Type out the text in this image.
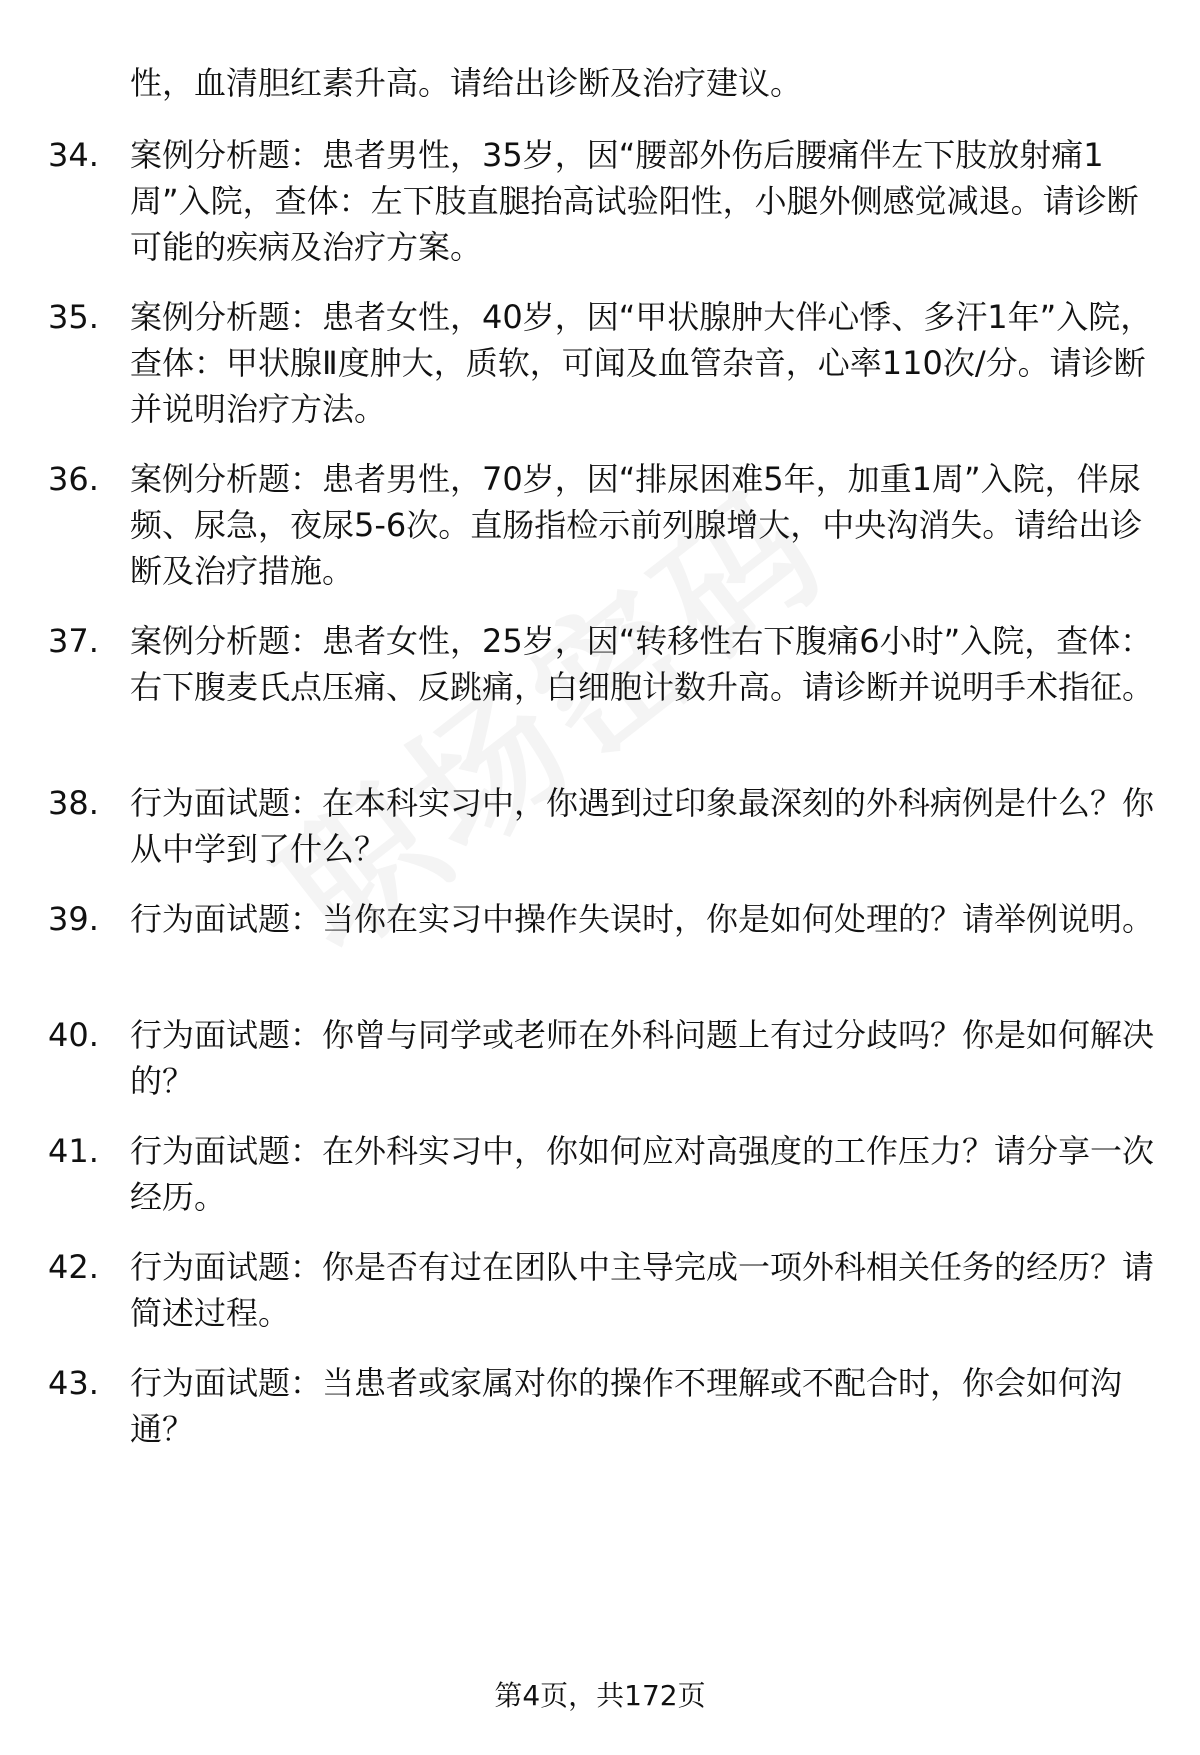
性，血清胆红素升高。请给出诊断及治疗建议。
34. 案例分析题：患者男性，35岁，因“腰部外伤后腰痛伴左下肢放射痛1周”入院，查体：左下肢直腿抬高试验阳性，小腿外侧感觉减退。请诊断可能的疾病及治疗方案。
35. 案例分析题：患者女性，40岁，因“甲状腺肿大伴心悸、多汗1年”入院，查体：甲状腺Ⅱ度肿大，质软，可闻及血管杂音，心率110次/分。请诊断并说明治疗方法。
36. 案例分析题：患者男性，70岁，因“排尿困难5年，加重1周”入院，伴尿频、尿急，夜尿5-6次。直肠指检示前列腺增大，中央沟消失。请给出诊断及治疗措施。
37. 案例分析题：患者女性，25岁，因“转移性右下腹痛6小时”入院，查体：右下腹麦氏点压痛、反跳痛，白细胞计数升高。请诊断并说明手术指征。
38. 行为面试题：在本科实习中，你遇到过印象最深刻的外科病例是什么？你从中学到了什么？
39. 行为面试题：当你在实习中操作失误时，你是如何处理的？请举例说明。
40. 行为面试题：你曾与同学或老师在外科问题上有过分歧吗？你是如何解决的？
41. 行为面试题：在外科实习中，你如何应对高强度的工作压力？请分享一次经历。
42. 行为面试题：你是否有过在团队中主导完成一项外科相关任务的经历？请简述过程。
43. 行为面试题：当患者或家属对你的操作不理解或不配合时，你会如何沟通？
第4页，共172页
